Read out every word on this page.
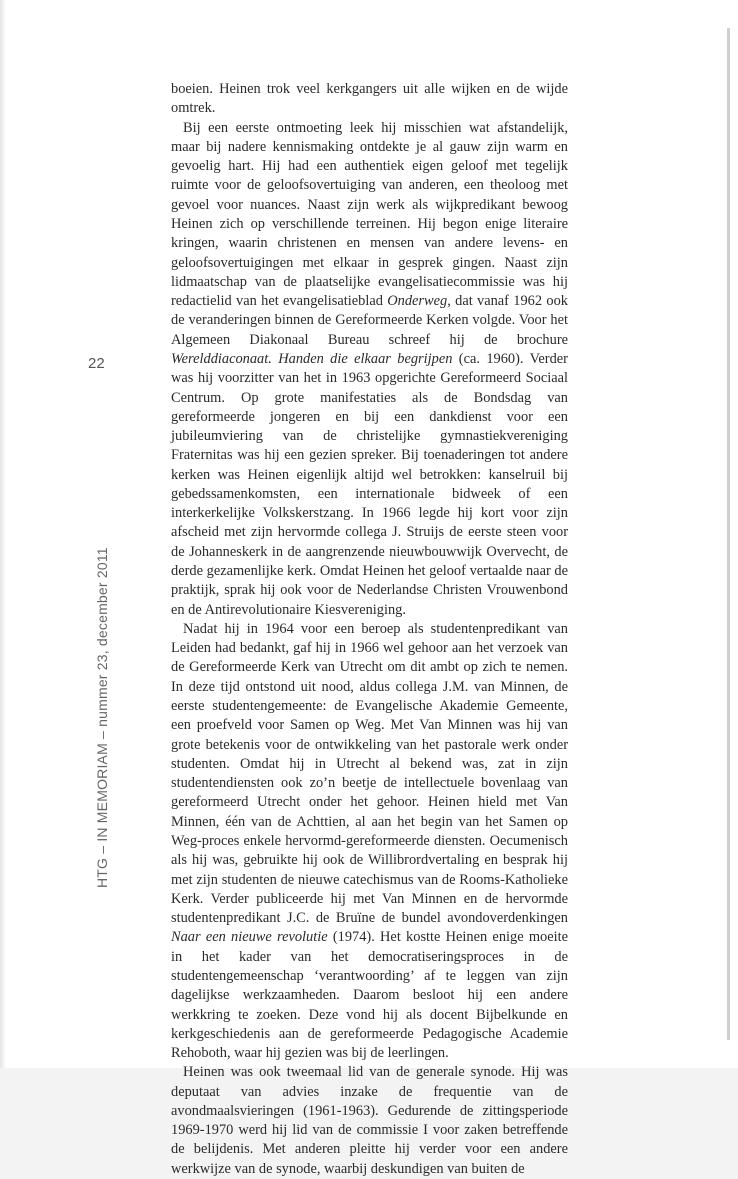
22
HTG – IN MEMORIAM – nummer 23, december 2011

boeien. Heinen trok veel kerkgangers uit alle wijken en de wijde omtrek.

Bij een eerste ontmoeting leek hij misschien wat afstandelijk, maar bij nadere kennismaking ontdekte je al gauw zijn warm en gevoelig hart. Hij had een authentiek eigen geloof met tegelijk ruimte voor de geloofsovertuiging van anderen, een theoloog met gevoel voor nuances. Naast zijn werk als wijkpredikant bewoog Heinen zich op verschillende terreinen. Hij begon enige literaire kringen, waarin christenen en mensen van andere levens- en geloofsovertuigingen met elkaar in gesprek gingen. Naast zijn lidmaatschap van de plaatselijke evangelisatiecommissie was hij redactielid van het evangelisatieblad Onderweg, dat vanaf 1962 ook de veranderingen binnen de Gereformeerde Kerken volgde. Voor het Algemeen Diakonaal Bureau schreef hij de brochure Werelddiaconaat. Handen die elkaar begrijpen (ca. 1960). Verder was hij voorzitter van het in 1963 opgerichte Gereformeerd Sociaal Centrum. Op grote manifestaties als de Bondsdag van gereformeerde jongeren en bij een dankdienst voor een jubileumviering van de christelijke gymnastiekvereniging Fraternitas was hij een gezien spreker. Bij toenaderingen tot andere kerken was Heinen eigenlijk altijd wel betrokken: kanselruil bij gebedssamenkomsten, een internationale bidweek of een interkerkelijke Volkskerstzang. In 1966 legde hij kort voor zijn afscheid met zijn hervormde collega J. Struijs de eerste steen voor de Johanneskerk in de aangrenzende nieuwbouwwijk Overvecht, de derde gezamenlijke kerk. Omdat Heinen het geloof vertaalde naar de praktijk, sprak hij ook voor de Nederlandse Christen Vrouwenbond en de Antirevolutionaire Kiesvereniging.

Nadat hij in 1964 voor een beroep als studentenpredikant van Leiden had bedankt, gaf hij in 1966 wel gehoor aan het verzoek van de Gereformeerde Kerk van Utrecht om dit ambt op zich te nemen. In deze tijd ontstond uit nood, aldus collega J.M. van Minnen, de eerste studentengemeente: de Evangelische Akademie Gemeente, een proefveld voor Samen op Weg. Met Van Minnen was hij van grote betekenis voor de ontwikkeling van het pastorale werk onder studenten. Omdat hij in Utrecht al bekend was, zat in zijn studentendiensten ook zo’n beetje de intellectuele bovenlaag van gereformeerd Utrecht onder het gehoor. Heinen hield met Van Minnen, één van de Achttien, al aan het begin van het Samen op Weg-proces enkele hervormd-gereformeerde diensten. Oecumenisch als hij was, gebruikte hij ook de Willibrordvertaling en besprak hij met zijn studenten de nieuwe catechismus van de Rooms-Katholieke Kerk. Verder publiceerde hij met Van Minnen en de hervormde studentenpredikant J.C. de Bruïne de bundel avondoverdenkingen Naar een nieuwe revolutie (1974). Het kostte Heinen enige moeite in het kader van het democratiseringsproces in de studentengemeenschap ‘verantwoording’ af te leggen van zijn dagelijkse werkzaamheden. Daarom besloot hij een andere werkkring te zoeken. Deze vond hij als docent Bijbelkunde en kerkgeschiedenis aan de gereformeerde Pedagogische Academie Rehoboth, waar hij gezien was bij de leerlingen.

Heinen was ook tweemaal lid van de generale synode. Hij was deputaat van advies inzake de frequentie van de avondmaalsvieringen (1961-1963). Gedurende de zittingsperiode 1969-1970 werd hij lid van de commissie I voor zaken betreffende de belijdenis. Met anderen pleitte hij verder voor een andere werkwijze van de synode, waarbij deskundigen van buiten de
